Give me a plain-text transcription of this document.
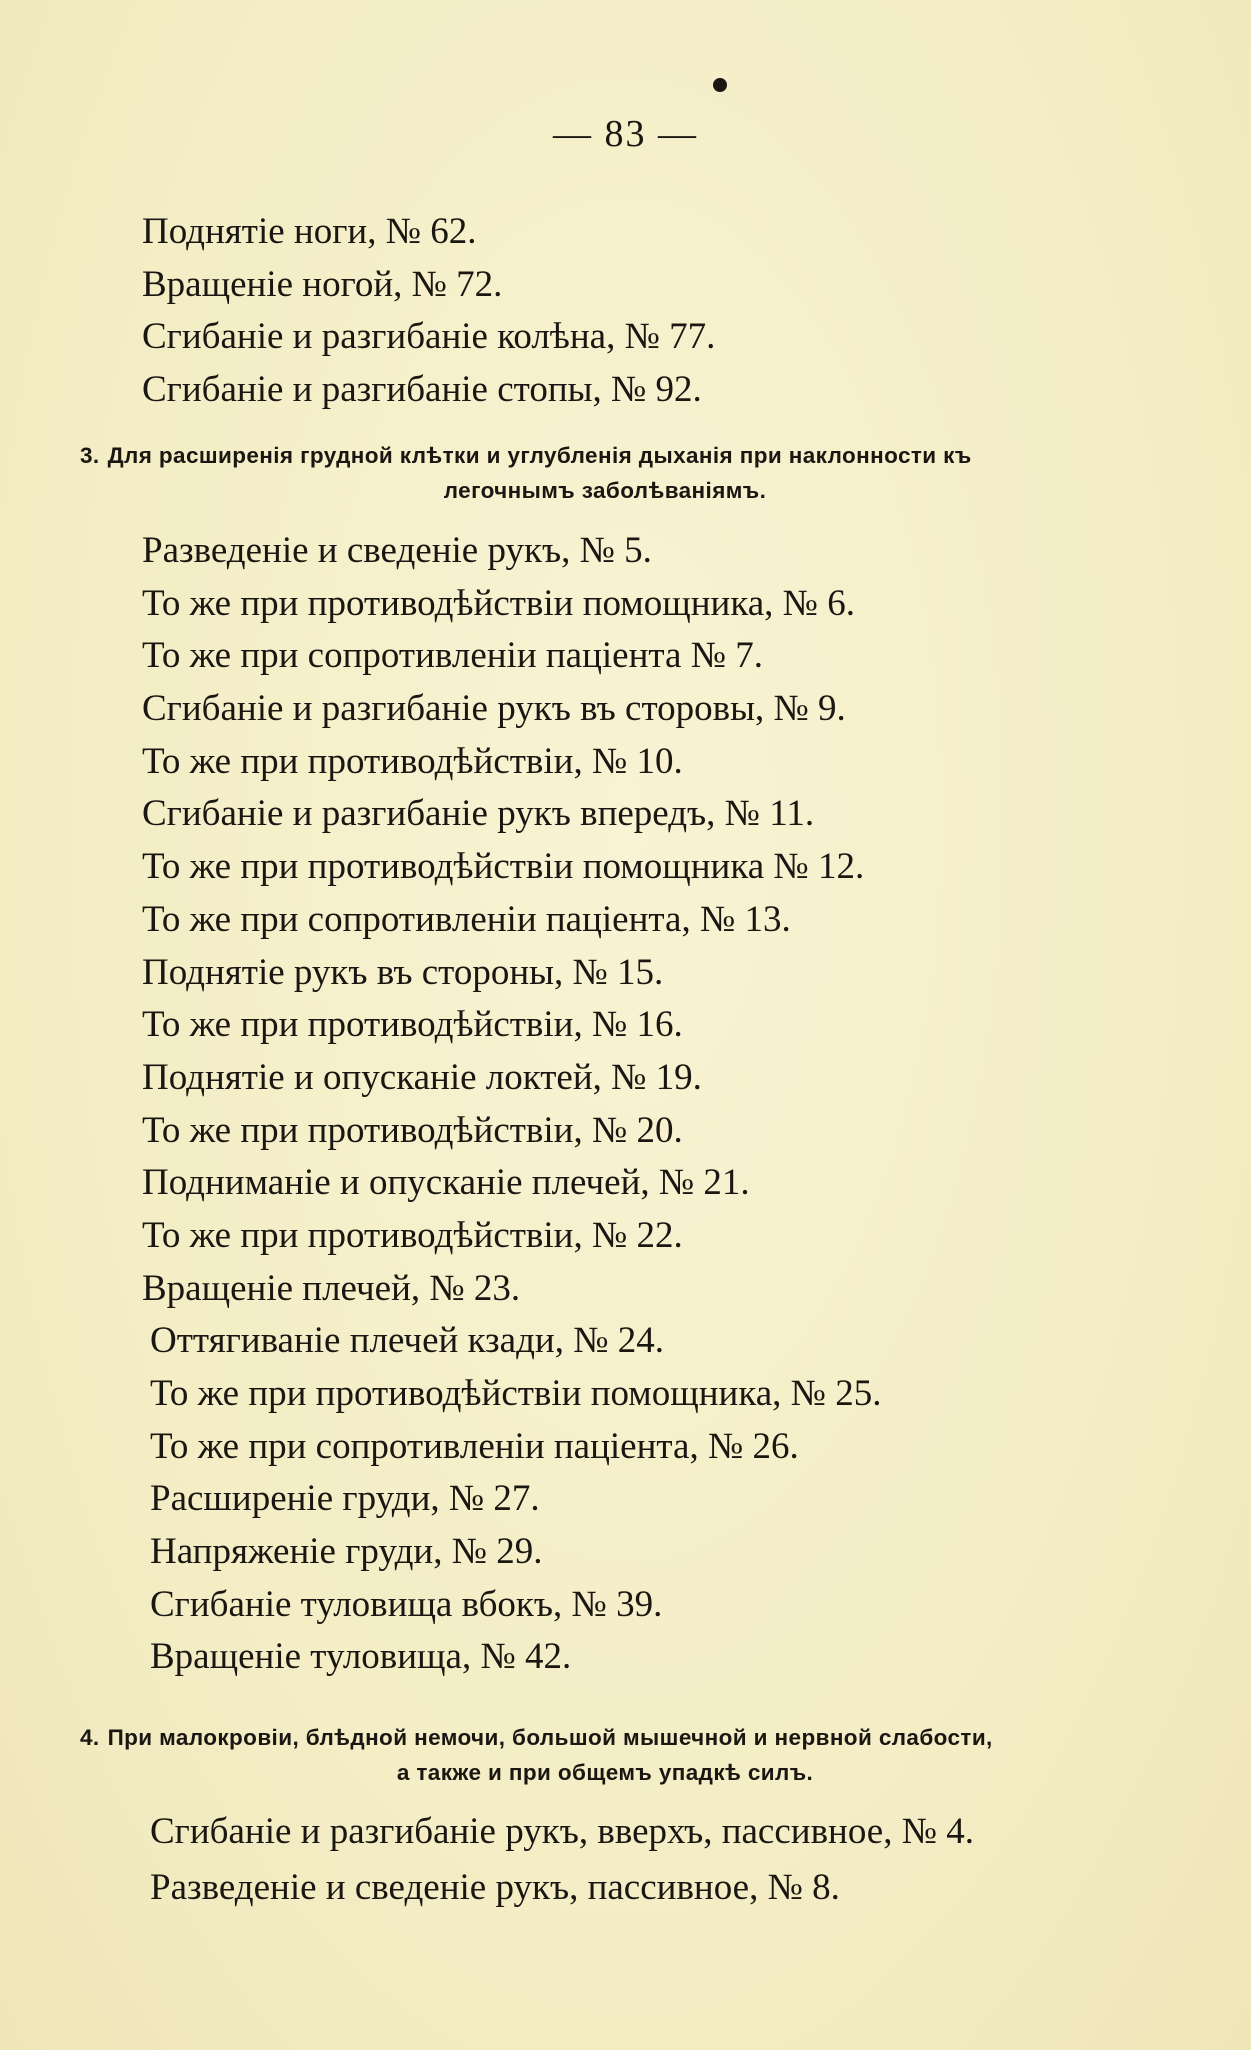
— 83 —
Поднятіе ноги, № 62.
Вращеніе ногой, № 72.
Сгибаніе и разгибаніе колѣна, № 77.
Сгибаніе и разгибаніе стопы, № 92.
3. Для расширенія грудной клѣтки и углубленія дыханія при наклонности къ
легочнымъ заболѣваніямъ.
Разведеніе и сведеніе рукъ, № 5.
То же при противодѣйствіи помощника, № 6.
То же при сопротивленіи паціента № 7.
Сгибаніе и разгибаніе рукъ въ сторовы, № 9.
То же при противодѣйствіи, № 10.
Сгибаніе и разгибаніе рукъ впередъ, № 11.
То же при противодѣйствіи помощника № 12.
То же при сопротивленіи паціента, № 13.
Поднятіе рукъ въ стороны, № 15.
То же при противодѣйствіи, № 16.
Поднятіе и опусканіе локтей, № 19.
То же при противодѣйствіи, № 20.
Подниманіе и опусканіе плечей, № 21.
То же при противодѣйствіи, № 22.
Вращеніе плечей, № 23.
Оттягиваніе плечей кзади, № 24.
То же при противодѣйствіи помощника, № 25.
То же при сопротивленіи паціента, № 26.
Расширеніе груди, № 27.
Напряженіе груди, № 29.
Сгибаніе туловища вбокъ, № 39.
Вращеніе туловища, № 42.
4. При малокровіи, блѣдной немочи, большой мышечной и нервной слабости,
а также и при общемъ упадкѣ силъ.
Сгибаніе и разгибаніе рукъ, вверхъ, пассивное, № 4.
Разведеніе и сведеніе рукъ, пассивное, № 8.
